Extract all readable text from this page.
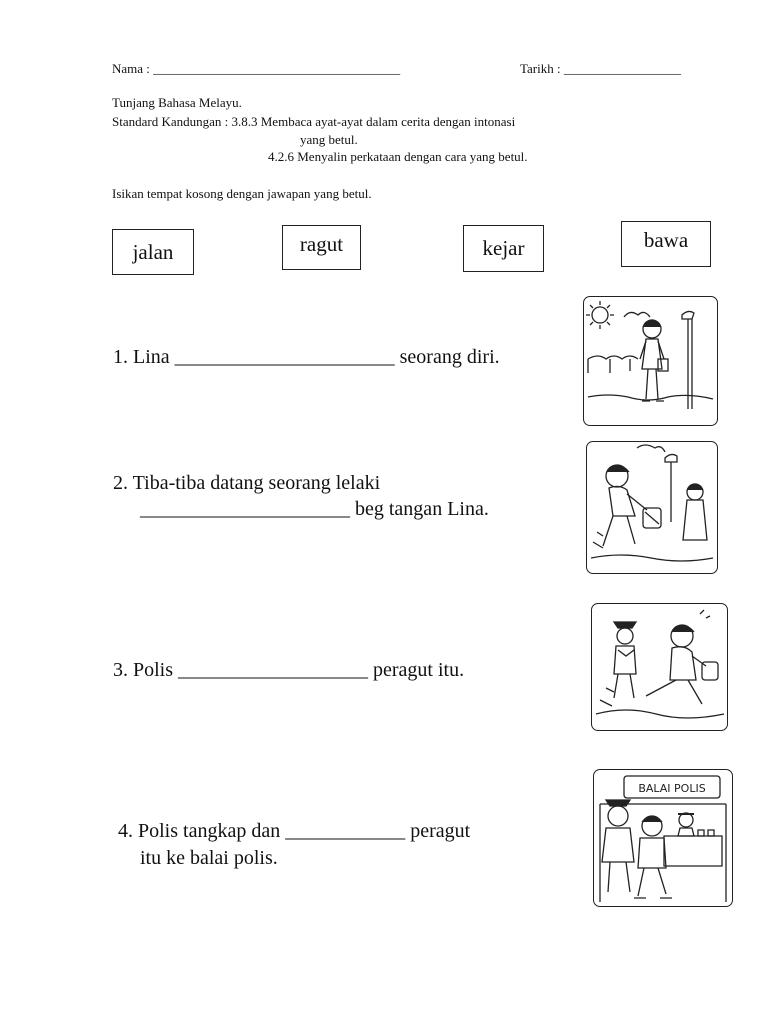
Nama : ______________________________________	Tarikh : __________________
Tunjang Bahasa Melayu.
Standard Kandungan : 3.8.3 Membaca ayat-ayat dalam cerita dengan intonasi
yang betul.
4.2.6 Menyalin perkataan dengan cara yang betul.
Isikan tempat kosong dengan jawapan yang betul.
jalan	ragut	kejar	bawa
1. Lina ______________________ seorang diri.
2. Tiba-tiba datang seorang lelaki
_____________________ beg tangan Lina.
3. Polis ___________________ peragut itu.
4. Polis tangkap dan ____________ peragut
itu ke balai polis.
BALAI POLIS
